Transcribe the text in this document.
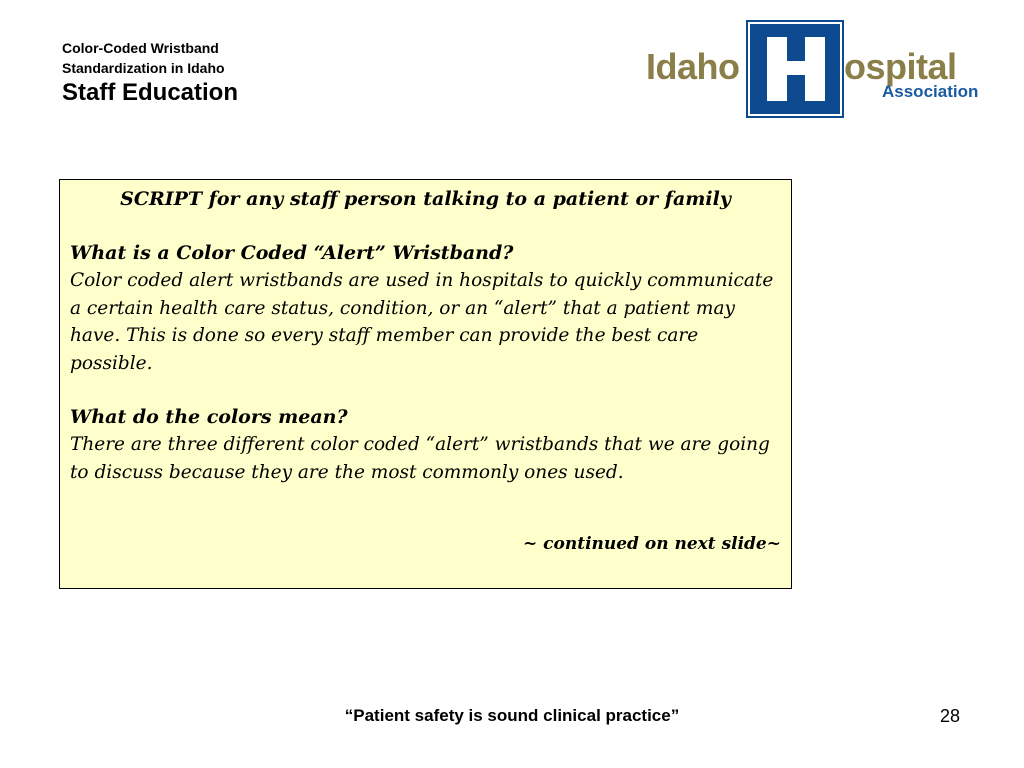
Color-Coded Wristband
Standardization in Idaho
Staff Education
Idaho	ospital
Association
SCRIPT for any staff person talking to a patient or family
What is a Color Coded “Alert” Wristband?
Color coded alert wristbands are used in hospitals to quickly communicate a certain health care status, condition, or an “alert” that a patient may have. This is done so every staff member can provide the best care possible.
What do the colors mean?
There are three different color coded “alert” wristbands that we are going to discuss because they are the most commonly ones used.
~ continued on next slide~
“Patient safety is sound clinical practice”	28
